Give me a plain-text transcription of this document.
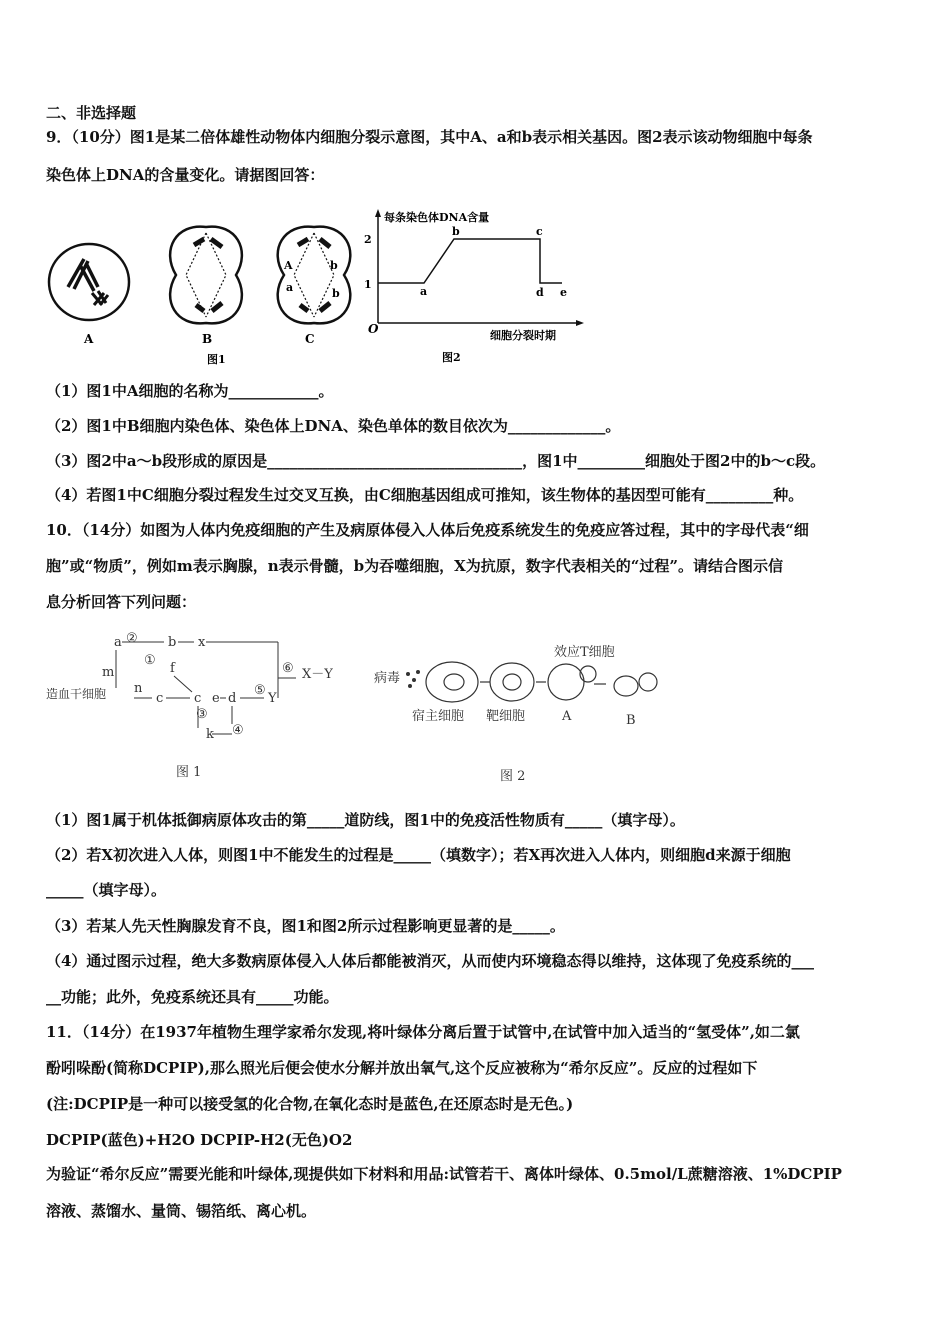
二、非选择题
9．（10分）图1是某二倍体雄性动物体内细胞分裂示意图，其中A、a和b表示相关基因。图2表示该动物细胞中每条
染色体上DNA的含量变化。请据图回答：
A	B
A
a
b
b
C
图1
每条染色体DNA含量
2
1
O
a
b	c
d e
细胞分裂时期
图2
（1）图1中A细胞的名称为____________。
（2）图1中B细胞内染色体、染色体上DNA、染色单体的数目依次为_____________。
（3）图2中a～b段形成的原因是__________________________________，图1中_________细胞处于图2中的b～c段。
（4）若图1中C细胞分裂过程发生过交叉互换，由C细胞基因组成可推知，该生物体的基因型可能有_________种。
10．（14分）如图为人体内免疫细胞的产生及病原体侵入人体后免疫系统发生的免疫应答过程，其中的字母代表“细
胞”或“物质”，例如m表示胸腺，n表示骨髓，b为吞噬细胞，X为抗原，数字代表相关的“过程”。请结合图示信
息分析回答下列问题：
a ② b x
①
f
m
造血干细胞 n
c c e d
⑤
Y
⑥ X－Y
③
④
k
图 1
病毒
效应T细胞
宿主细胞 靶细胞	A	B
图 2
（1）图1属于机体抵御病原体攻击的第_____道防线，图1中的免疫活性物质有_____（填字母）。
（2）若X初次进入人体，则图1中不能发生的过程是_____（填数字）；若X再次进入人体内，则细胞d来源于细胞
_____（填字母）。
（3）若某人先天性胸腺发育不良，图1和图2所示过程影响更显著的是_____。
（4）通过图示过程，绝大多数病原体侵入人体后都能被消灭，从而使内环境稳态得以维持，这体现了免疫系统的___
__功能；此外，免疫系统还具有_____功能。
11．（14分）在1937年植物生理学家希尔发现,将叶绿体分离后置于试管中,在试管中加入适当的“氢受体”,如二氯
酚吲哚酚(简称DCPIP),那么照光后便会使水分解并放出氧气,这个反应被称为“希尔反应”。反应的过程如下
(注:DCPIP是一种可以接受氢的化合物,在氧化态时是蓝色,在还原态时是无色。)
DCPIP(蓝色)+H2O DCPIP-H2(无色)O2
为验证“希尔反应”需要光能和叶绿体,现提供如下材料和用品:试管若干、离体叶绿体、0.5mol/L蔗糖溶液、1%DCPIP
溶液、蒸馏水、量筒、锡箔纸、离心机。
